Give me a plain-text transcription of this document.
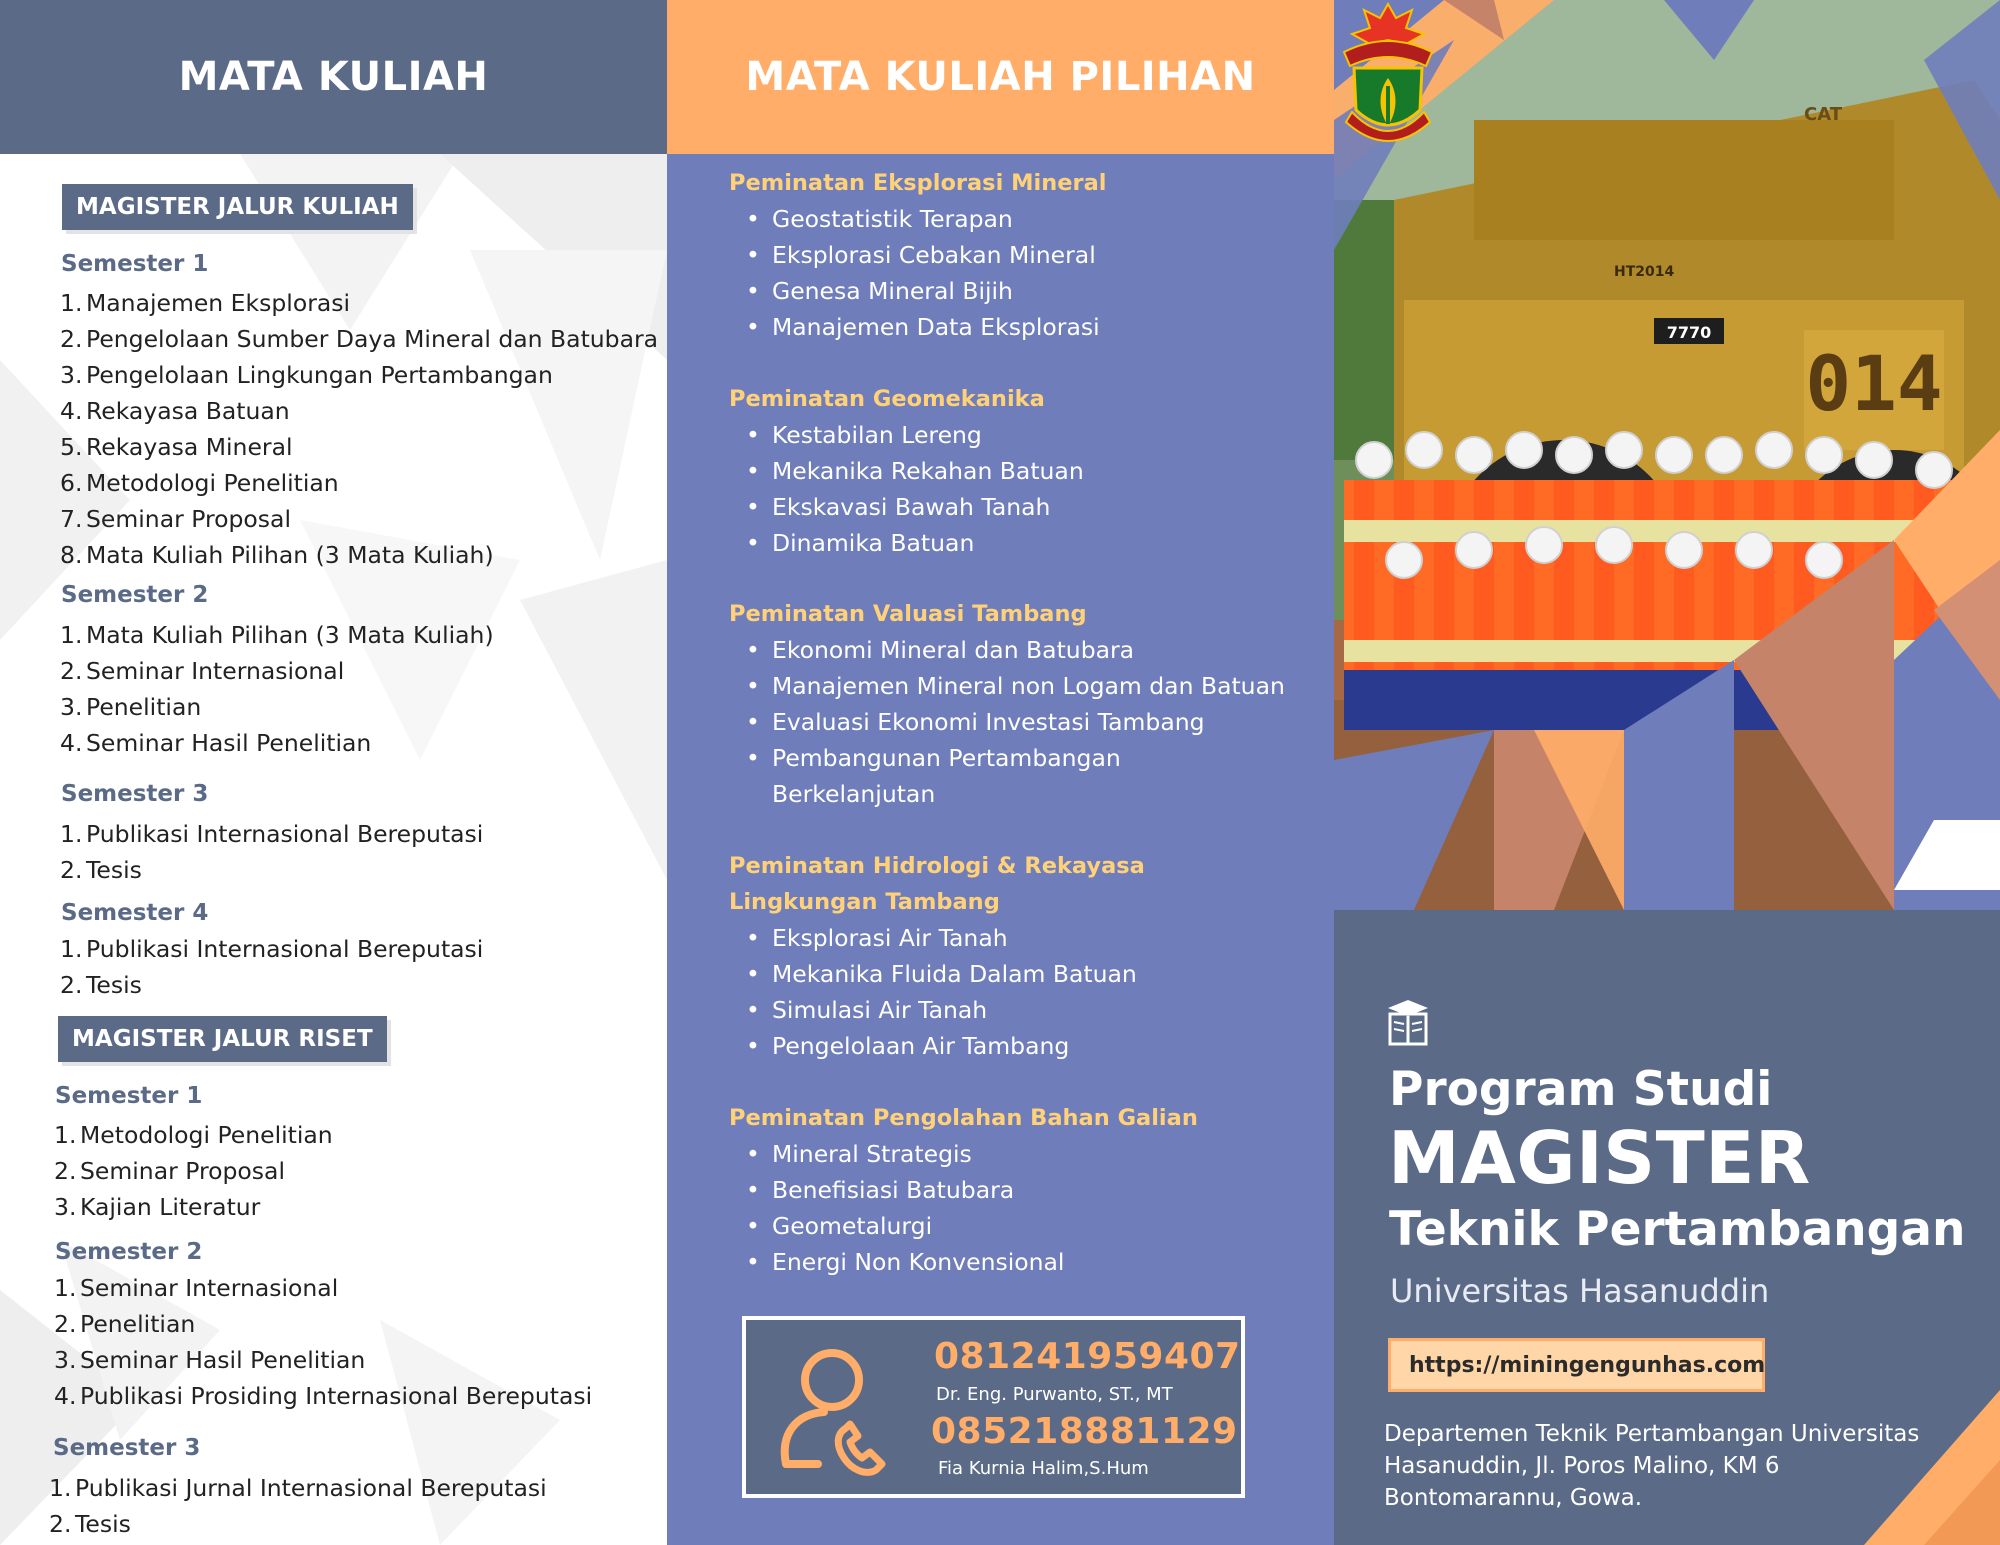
MATA KULIAH
MAGISTER JALUR KULIAH
Semester 1
1. Manajemen Eksplorasi
2. Pengelolaan Sumber Daya Mineral dan Batubara
3. Pengelolaan Lingkungan Pertambangan
4. Rekayasa Batuan
5. Rekayasa Mineral
6. Metodologi Penelitian
7. Seminar Proposal
8. Mata Kuliah Pilihan (3 Mata Kuliah)
Semester 2
1. Mata Kuliah Pilihan (3 Mata Kuliah)
2. Seminar Internasional
3. Penelitian
4. Seminar Hasil Penelitian
Semester 3
1. Publikasi Internasional Bereputasi
2. Tesis
Semester 4
1. Publikasi Internasional Bereputasi
2. Tesis
MAGISTER JALUR RISET
Semester 1
1. Metodologi Penelitian
2. Seminar Proposal
3. Kajian Literatur
Semester 2
1. Seminar Internasional
2. Penelitian
3. Seminar Hasil Penelitian
4. Publikasi Prosiding Internasional Bereputasi
Semester 3
1. Publikasi Jurnal Internasional Bereputasi
2. Tesis
MATA KULIAH PILIHAN
Peminatan Eksplorasi Mineral
• Geostatistik Terapan
• Eksplorasi Cebakan Mineral
• Genesa Mineral Bijih
• Manajemen Data Eksplorasi
Peminatan Geomekanika
• Kestabilan Lereng
• Mekanika Rekahan Batuan
• Ekskavasi Bawah Tanah
• Dinamika Batuan
Peminatan Valuasi Tambang
• Ekonomi Mineral dan Batubara
• Manajemen Mineral non Logam dan Batuan
• Evaluasi Ekonomi Investasi Tambang
• Pembangunan Pertambangan Berkelanjutan
Peminatan Hidrologi & Rekayasa Lingkungan Tambang
• Eksplorasi Air Tanah
• Mekanika Fluida Dalam Batuan
• Simulasi Air Tanah
• Pengelolaan Air Tambang
Peminatan Pengolahan Bahan Galian
• Mineral Strategis
• Benefisiasi Batubara
• Geometalurgi
• Energi Non Konvensional
081241959407
Dr. Eng. Purwanto, ST., MT
085218881129
Fia Kurnia Halim,S.Hum
014
7770
HT2014
CAT
Program Studi
MAGISTER
Teknik Pertambangan
Universitas Hasanuddin
https://miningengunhas.com
Departemen Teknik Pertambangan Universitas Hasanuddin, Jl. Poros Malino, KM 6 Bontomarannu, Gowa.
